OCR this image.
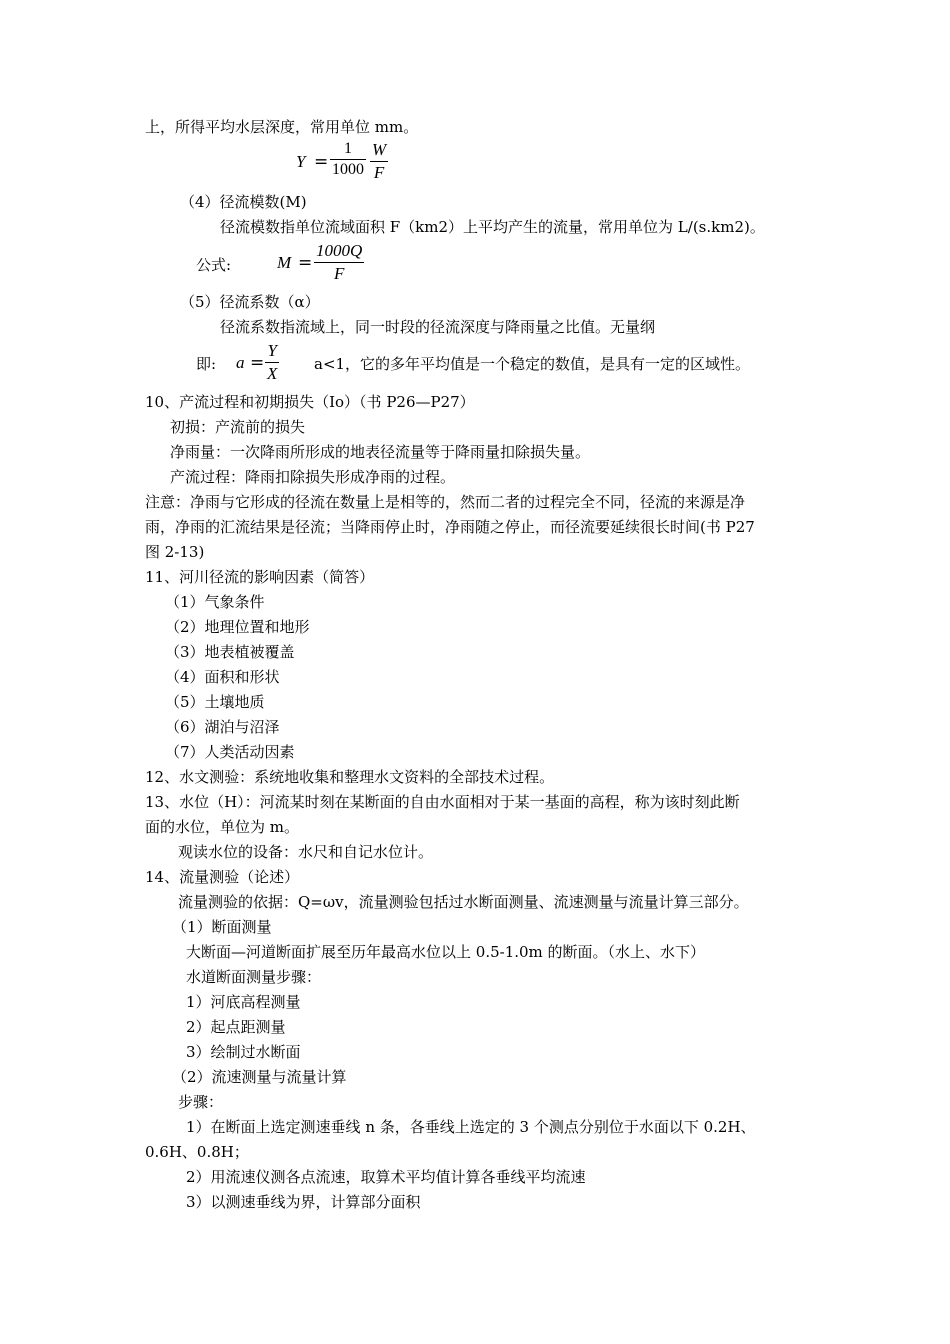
上，所得平均水层深度，常用单位 mm。
Y =
1
1000
W
F
（4）径流模数(M)
径流模数指单位流域面积 F（km2）上平均产生的流量，常用单位为 L/(s.km2)。
公式:	M =
1000Q
F
（5）径流系数（α）
径流系数指流域上，同一时段的径流深度与降雨量之比值。无量纲
即: a =
Y
X a<1，它的多年平均值是一个稳定的数值，是具有一定的区域性。
10、产流过程和初期损失（Io）（书 P26—P27）
初损：产流前的损失
净雨量：一次降雨所形成的地表径流量等于降雨量扣除损失量。
产流过程：降雨扣除损失形成净雨的过程。
注意：净雨与它形成的径流在数量上是相等的，然而二者的过程完全不同，径流的来源是净
雨，净雨的汇流结果是径流；当降雨停止时，净雨随之停止，而径流要延续很长时间(书 P27
图 2-13)
11、河川径流的影响因素（简答）
（1）气象条件
（2）地理位置和地形
（3）地表植被覆盖
（4）面积和形状
（5）土壤地质
（6）湖泊与沼泽
（7）人类活动因素
12、水文测验：系统地收集和整理水文资料的全部技术过程。
13、水位（H）：河流某时刻在某断面的自由水面相对于某一基面的高程，称为该时刻此断
面的水位，单位为 m。
观读水位的设备：水尺和自记水位计。
14、流量测验（论述）
流量测验的依据：Q=ωv，流量测验包括过水断面测量、流速测量与流量计算三部分。
（1）断面测量
大断面—河道断面扩展至历年最高水位以上 0.5-1.0m 的断面。（水上、水下）
水道断面测量步骤：
1）河底高程测量
2）起点距测量
3）绘制过水断面
（2）流速测量与流量计算
步骤：
1）在断面上选定测速垂线 n 条，各垂线上选定的 3 个测点分别位于水面以下 0.2H、
0.6H、0.8H；
2）用流速仪测各点流速，取算术平均值计算各垂线平均流速
3）以测速垂线为界，计算部分面积
